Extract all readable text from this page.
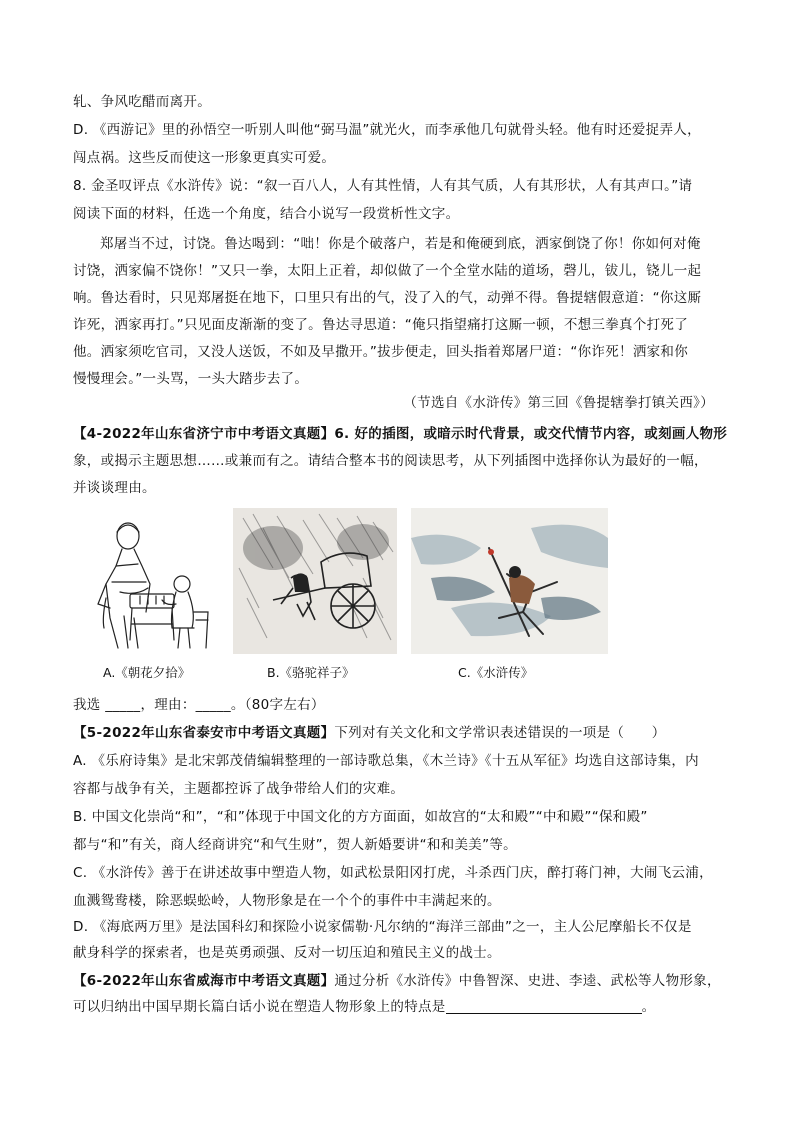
轧、争风吃醋而离开。
D. 《西游记》里的孙悟空一听别人叫他“弼马温”就光火，而李承他几句就骨头轻。他有时还爱捉弄人，
闯点祸。这些反而使这一形象更真实可爱。
8. 金圣叹评点《水浒传》说：“叙一百八人，人有其性情，人有其气质，人有其形状，人有其声口。”请
阅读下面的材料，任选一个角度，结合小说写一段赏析性文字。
郑屠当不过，讨饶。鲁达喝到：“咄！你是个破落户，若是和俺硬到底，洒家倒饶了你！你如何对俺
讨饶，洒家偏不饶你！”又只一拳，太阳上正着，却似做了一个全堂水陆的道场，磬儿，钹儿，铙儿一起
响。鲁达看时，只见郑屠挺在地下，口里只有出的气，没了入的气，动弹不得。鲁提辖假意道：“你这厮
诈死，洒家再打。”只见面皮渐渐的变了。鲁达寻思道：“俺只指望痛打这厮一顿，不想三拳真个打死了
他。洒家须吃官司，又没人送饭，不如及早撒开。”拔步便走，回头指着郑屠尸道：“你诈死！洒家和你
慢慢理会。”一头骂，一头大踏步去了。
（节选自《水浒传》第三回《鲁提辖拳打镇关西》）
【4-2022年山东省济宁市中考语文真题】6. 好的插图，或暗示时代背景，或交代情节内容，或刻画人物形
象，或揭示主题思想……或兼而有之。请结合整本书的阅读思考，从下列插图中选择你认为最好的一幅，
并谈谈理由。
A.《朝花夕拾》	B.《骆驼祥子》	C.《水浒传》
我选 _____，理由：_____。（80字左右）
【5-2022年山东省泰安市中考语文真题】下列对有关文化和文学常识表述错误的一项是（　　）
A. 《乐府诗集》是北宋郭茂倩编辑整理的一部诗歌总集，《木兰诗》《十五从军征》均选自这部诗集，内
容都与战争有关，主题都控诉了战争带给人们的灾难。
B. 中国文化崇尚“和”，“和”体现于中国文化的方方面面，如故宫的“太和殿”“中和殿”“保和殿”
都与“和”有关，商人经商讲究“和气生财”，贺人新婚要讲“和和美美”等。
C. 《水浒传》善于在讲述故事中塑造人物，如武松景阳冈打虎，斗杀西门庆，醉打蒋门神，大闹飞云浦，
血溅鸳鸯楼，除恶蜈蚣岭，人物形象是在一个个的事件中丰满起来的。
D. 《海底两万里》是法国科幻和探险小说家儒勒·凡尔纳的“海洋三部曲”之一，主人公尼摩船长不仅是
献身科学的探索者，也是英勇顽强、反对一切压迫和殖民主义的战士。
【6-2022年山东省威海市中考语文真题】通过分析《水浒传》中鲁智深、史进、李逵、武松等人物形象，
可以归纳出中国早期长篇白话小说在塑造人物形象上的特点是	。
